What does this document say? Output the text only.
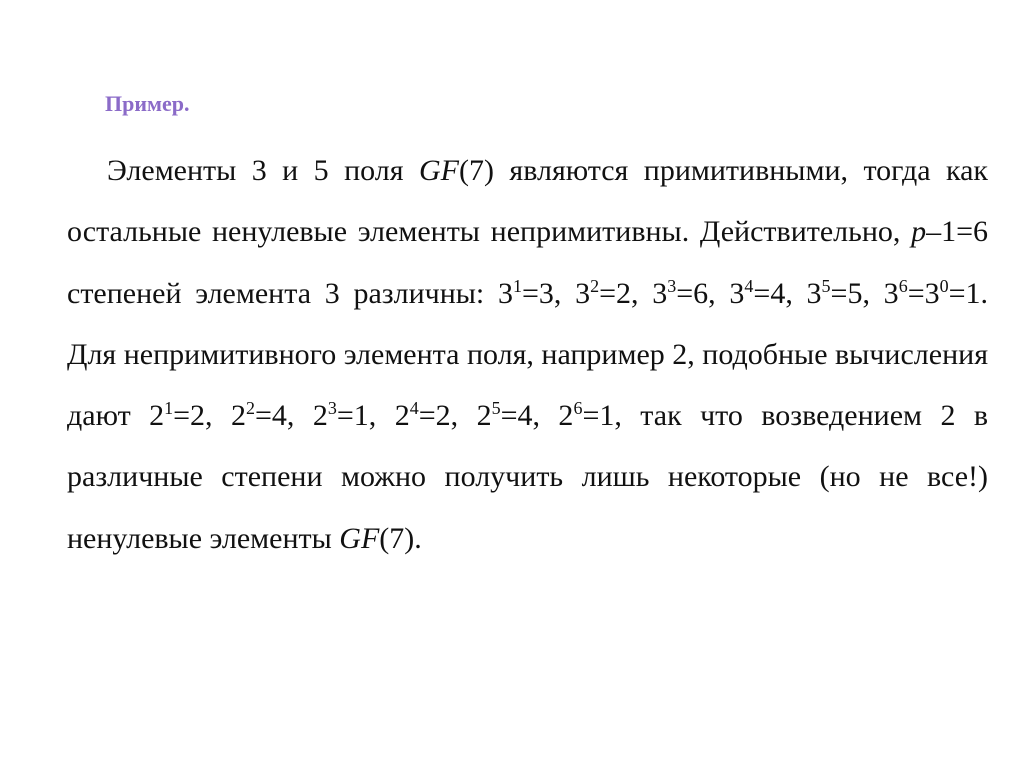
Пример.

Элементы 3 и 5 поля GF(7) являются примитивными, тогда как остальные ненулевые элементы непримитивны. Действительно, p–1=6 степеней элемента 3 различны: $3^1=3$, $3^2=2$, $3^3=6$, $3^4=4$, $3^5=5$, $3^6=3^0=1$. Для непримитивного элемента поля, например 2, подобные вычисления дают $2^1=2$, $2^2=4$, $2^3=1$, $2^4=2$, $2^5=4$, $2^6=1$, так что возведением 2 в различные степени можно получить лишь некоторые (но не все!) ненулевые элементы GF(7).
